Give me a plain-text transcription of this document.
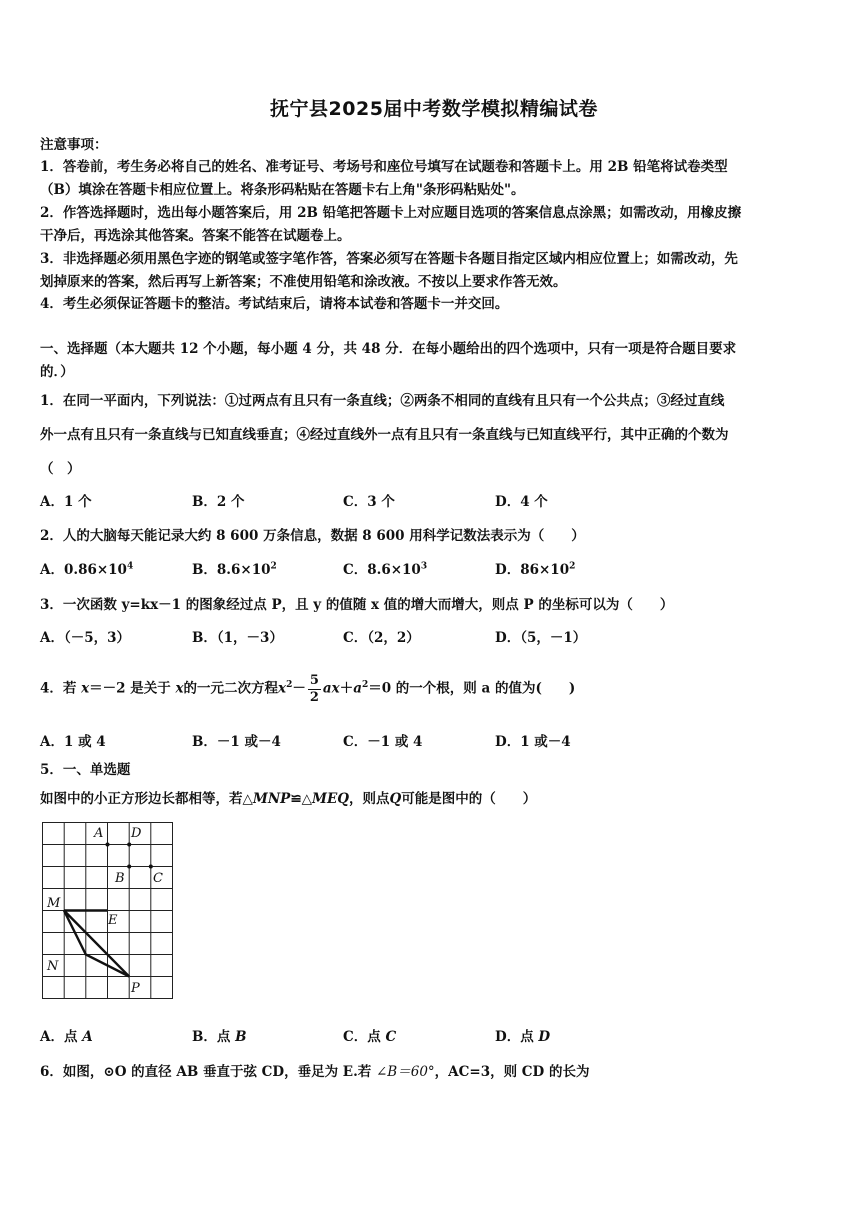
抚宁县2025届中考数学模拟精编试卷
注意事项：
1．答卷前，考生务必将自己的姓名、准考证号、考场号和座位号填写在试题卷和答题卡上。用 2B 铅笔将试卷类型
（B）填涂在答题卡相应位置上。将条形码粘贴在答题卡右上角"条形码粘贴处"。
2．作答选择题时，选出每小题答案后，用 2B 铅笔把答题卡上对应题目选项的答案信息点涂黑；如需改动，用橡皮擦
干净后，再选涂其他答案。答案不能答在试题卷上。
3．非选择题必须用黑色字迹的钢笔或签字笔作答，答案必须写在答题卡各题目指定区域内相应位置上；如需改动，先
划掉原来的答案，然后再写上新答案；不准使用铅笔和涂改液。不按以上要求作答无效。
4．考生必须保证答题卡的整洁。考试结束后，请将本试卷和答题卡一并交回。
一、选择题（本大题共 12 个小题，每小题 4 分，共 48 分．在每小题给出的四个选项中，只有一项是符合题目要求
的．）
1．在同一平面内，下列说法：①过两点有且只有一条直线；②两条不相同的直线有且只有一个公共点；③经过直线
外一点有且只有一条直线与已知直线垂直；④经过直线外一点有且只有一条直线与已知直线平行，其中正确的个数为
（　）
A．1 个	B．2 个	C．3 个	D．4 个
2．人的大脑每天能记录大约 8 600 万条信息，数据 8 600 用科学记数法表示为（　　）
A．$0.86\times 10^4$	B．$8.6\times 10^2$	C．$8.6\times 10^3$	D．$86\times 10^2$
3．一次函数 y=kx－1 的图象经过点 P，且 y 的值随 x 值的增大而增大，则点 P 的坐标可以为（　　）
A．（－5，3）	B．（1，－3）	C．（2，2）	D．（5，－1）
4．若 x＝－2 是关于 x的一元二次方程$x^2- \frac{5}{2} ax+a^2=0$ 的一个根，则 a 的值为(　　)
A．1 或 4	B．－1 或－4	C．－1 或 4	D．1 或－4
5．一、单选题
如图中的小正方形边长都相等，若△MNP≌△MEQ，则点Q可能是图中的（　　）
A D
B C
M
E
N
P
A．点 A	B．点 B	C．点 C	D．点 D
6．如图，⊙O 的直径 AB 垂直于弦 CD，垂足为 E.若 ∠B＝60°，AC=3，则 CD 的长为
